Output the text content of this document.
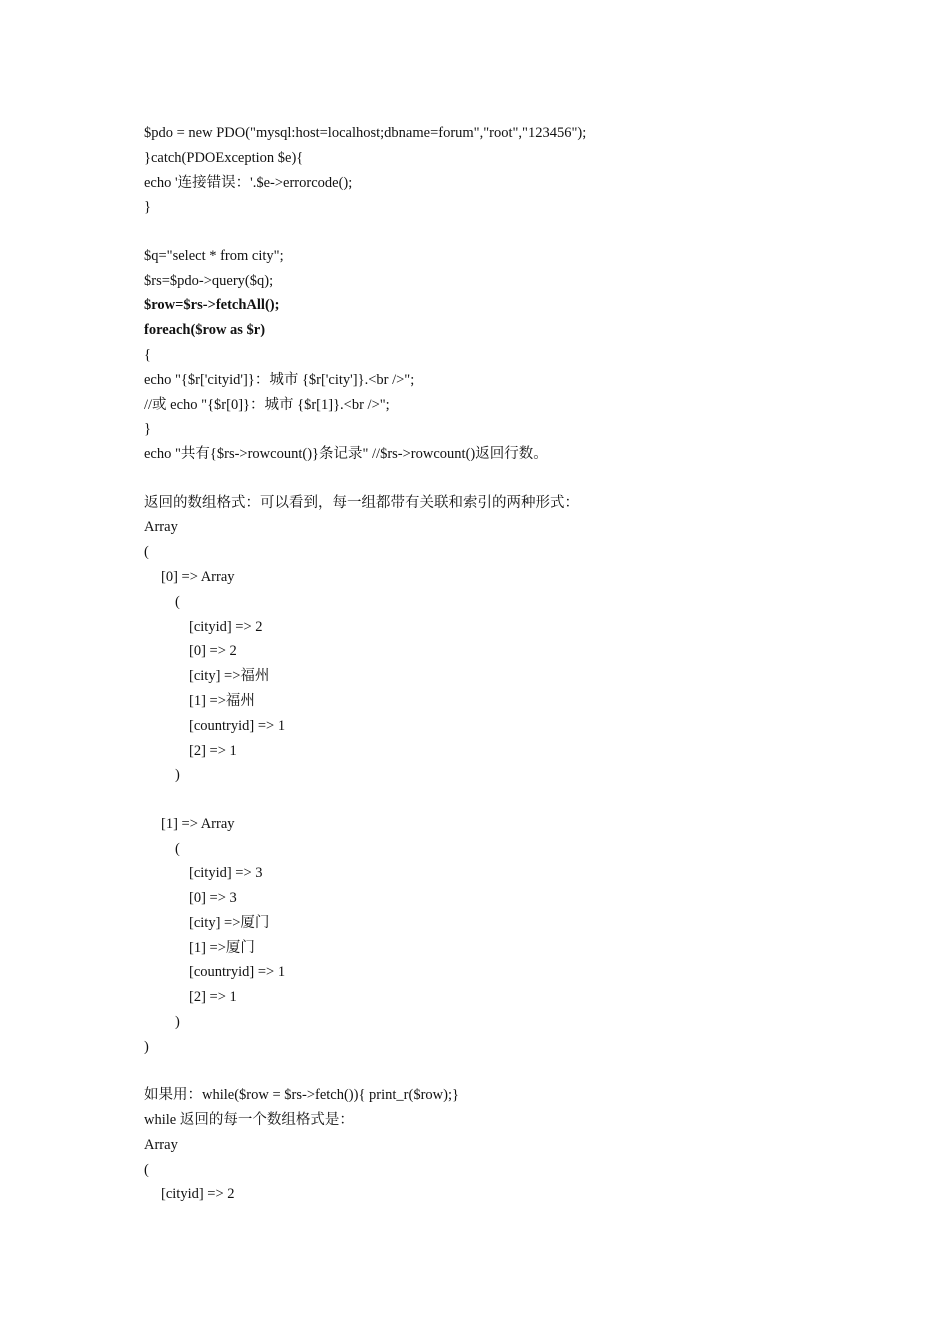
$pdo = new PDO("mysql:host=localhost;dbname=forum","root","123456");
}catch(PDOException $e){
echo '连接错误：'.$e->errorcode();
}
$q="select * from city";
$rs=$pdo->query($q);
$row=$rs->fetchAll();
foreach($row as $r)
{
echo "{$r['cityid']}：城市 {$r['city']}.<br />";
//或 echo "{$r[0]}：城市 {$r[1]}.<br />";
}
echo "共有{$rs->rowcount()}条记录" //$rs->rowcount()返回行数。
返回的数组格式：可以看到，每一组都带有关联和索引的两种形式：
Array
(
[0] => Array
(
[cityid] => 2
[0] => 2
[city] =>福州
[1] =>福州
[countryid] => 1
[2] => 1
)
[1] => Array
(
[cityid] => 3
[0] => 3
[city] =>厦门
[1] =>厦门
[countryid] => 1
[2] => 1
)
)
如果用：while($row = $rs->fetch()){ print_r($row);}
while 返回的每一个数组格式是：
Array
(
[cityid] => 2
